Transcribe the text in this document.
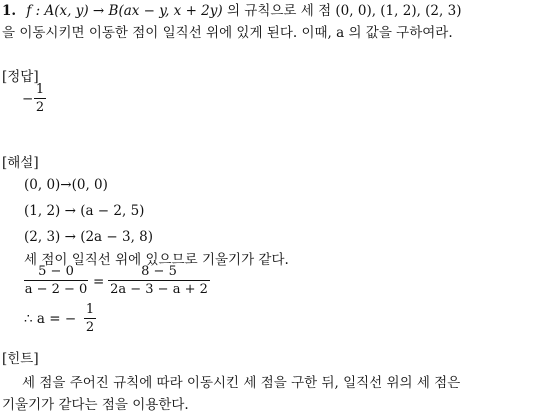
1. f : A(x, y) → B(ax − y, x + 2y) 의 규칙으로 세 점 (0, 0), (1, 2), (2, 3)
을 이동시키면 이동한 점이 일직선 위에 있게 된다. 이때, a 의 값을 구하여라.
[정답]
−
1
2
[해설]
(0, 0)→(0, 0)
(1, 2) → (a − 2, 5)
(2, 3) → (2a − 3, 8)
세 점이 일직선 위에 있으므로 기울기가 같다.
5 − 0
a − 2 − 0 =
8 − 5
2a − 3 − a + 2
∴ a = −
1
2
[힌트]
세 점을 주어진 규칙에 따라 이동시킨 세 점을 구한 뒤, 일직선 위의 세 점은
기울기가 같다는 점을 이용한다.
